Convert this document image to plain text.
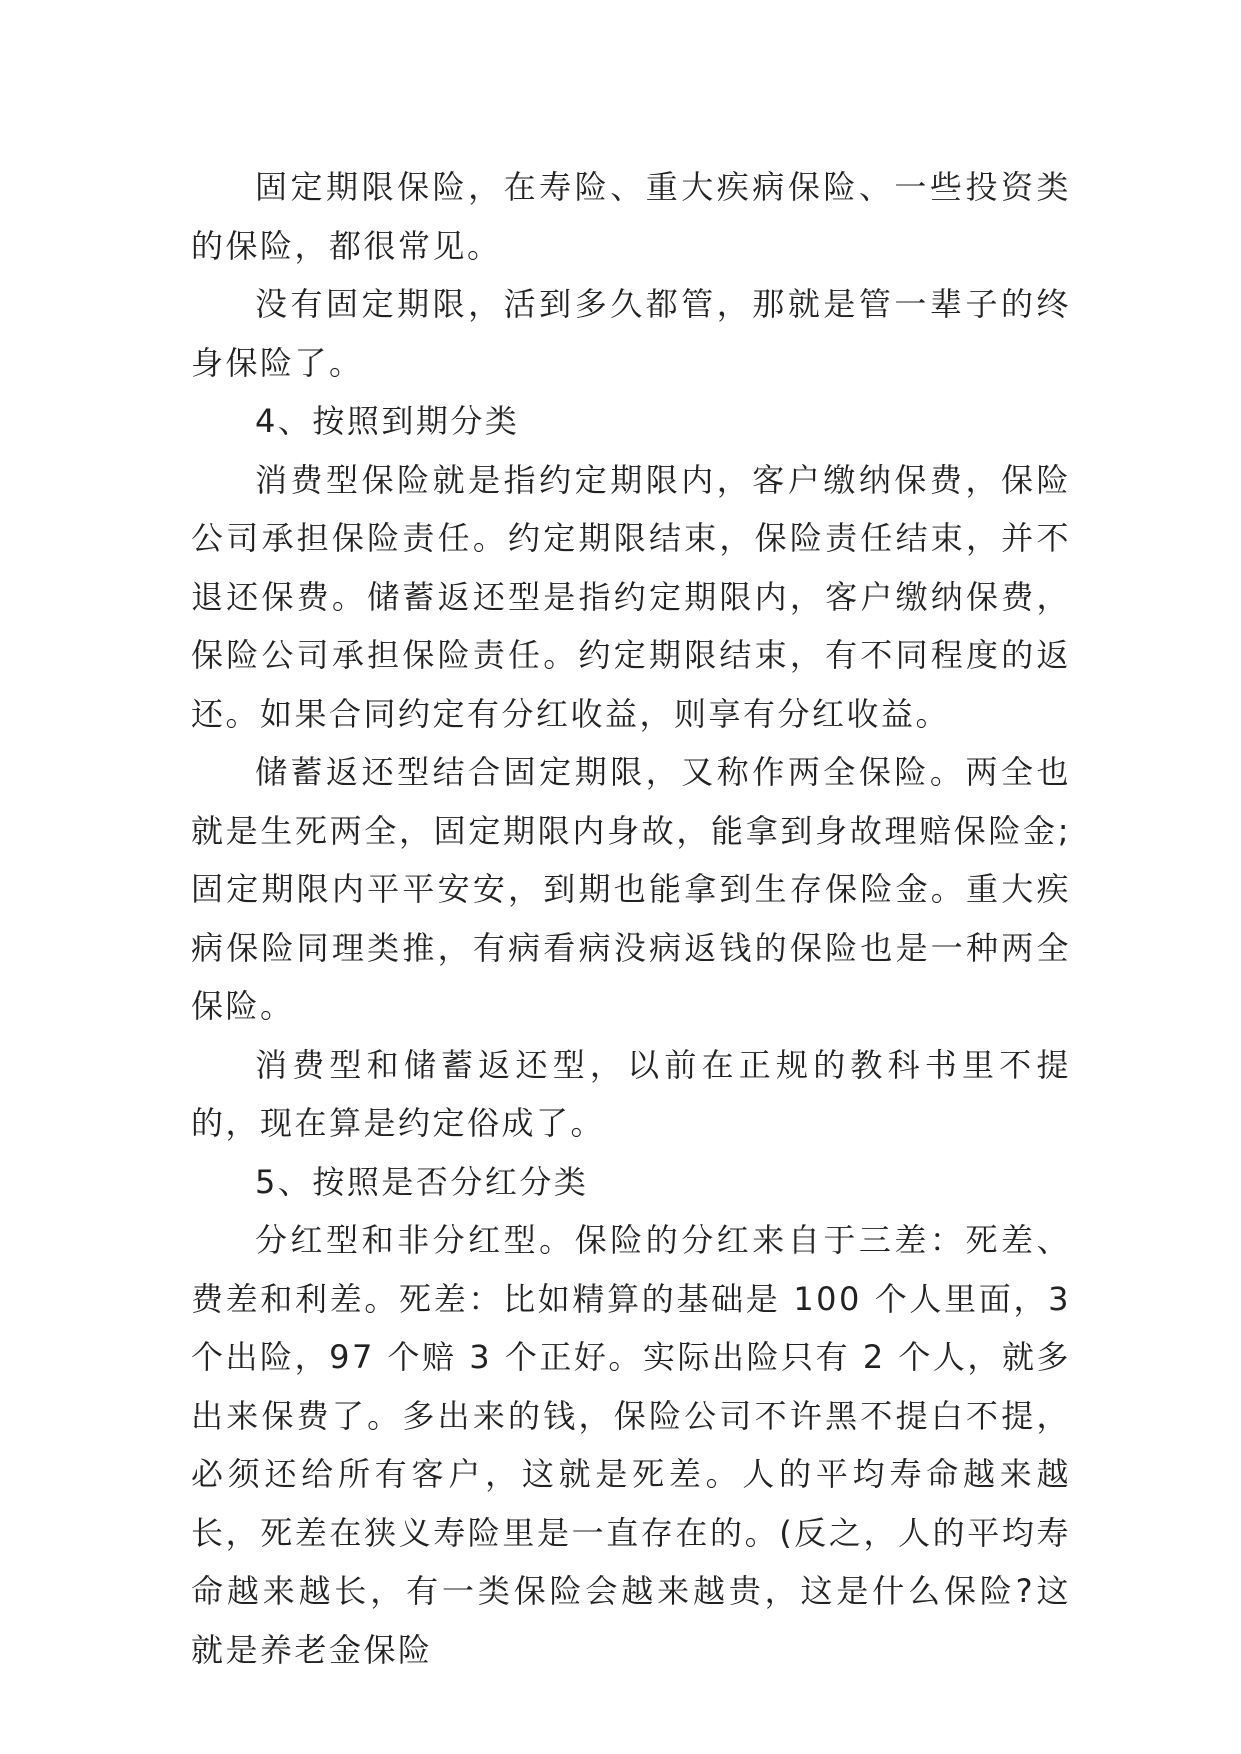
固定期限保险，在寿险、重大疾病保险、一些投资类的保险，都很常见。

没有固定期限，活到多久都管，那就是管一辈子的终身保险了。

4、按照到期分类

消费型保险就是指约定期限内，客户缴纳保费，保险公司承担保险责任。约定期限结束，保险责任结束，并不退还保费。储蓄返还型是指约定期限内，客户缴纳保费，保险公司承担保险责任。约定期限结束，有不同程度的返还。如果合同约定有分红收益，则享有分红收益。

储蓄返还型结合固定期限，又称作两全保险。两全也就是生死两全，固定期限内身故，能拿到身故理赔保险金;固定期限内平平安安，到期也能拿到生存保险金。重大疾病保险同理类推，有病看病没病返钱的保险也是一种两全保险。

消费型和储蓄返还型，以前在正规的教科书里不提的，现在算是约定俗成了。

5、按照是否分红分类

分红型和非分红型。保险的分红来自于三差：死差、费差和利差。死差：比如精算的基础是 100 个人里面，3 个出险，97 个赔 3 个正好。实际出险只有 2 个人，就多出来保费了。多出来的钱，保险公司不许黑不提白不提，必须还给所有客户，这就是死差。人的平均寿命越来越长，死差在狭义寿险里是一直存在的。(反之，人的平均寿命越来越长，有一类保险会越来越贵，这是什么保险?这就是养老金保险
